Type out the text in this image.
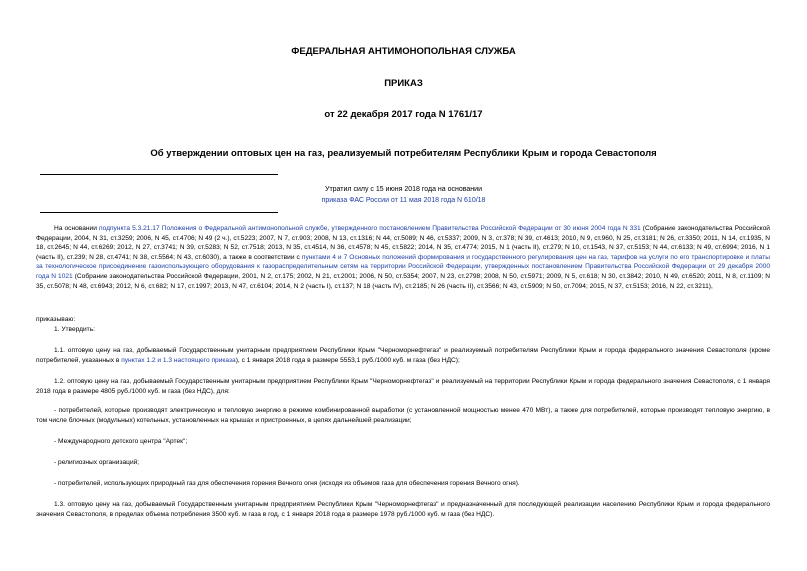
ФЕДЕРАЛЬНАЯ АНТИМОНОПОЛЬНАЯ СЛУЖБА
ПРИКАЗ
от 22 декабря 2017 года N 1761/17
Об утверждении оптовых цен на газ, реализуемый потребителям Республики Крым и города Севастополя
Утратил силу с 15 июня 2018 года на основании
приказа ФАС России от 11 мая 2018 года N 610/18

На основании подпункта 5.3.21.17 Положения о Федеральной антимонопольной службе, утвержденного постановлением Правительства Российской Федерации от 30 июня 2004 года N 331 (Собрание законодательства Российской Федерации, 2004, N 31, ст.3259; 2006, N 45, ст.4706; N 49 (2 ч.), ст.5223; 2007, N 7, ст.903; 2008, N 13, ст.1316; N 44, ст.5089; N 46, ст.5337; 2009, N 3, ст.378; N 39, ст.4613; 2010, N 9, ст.960, N 25, ст.3181; N 26, ст.3350; 2011, N 14, ст.1935, N 18, ст.2645; N 44, ст.6269; 2012, N 27, ст.3741; N 39, ст.5283; N 52, ст.7518; 2013, N 35, ст.4514, N 36, ст.4578; N 45, ст.5822; 2014, N 35, ст.4774; 2015, N 1 (часть II), ст.279; N 10, ст.1543, N 37, ст.5153; N 44, ст.6133; N 49, ст.6994; 2016, N 1 (часть II), ст.239; N 28, ст.4741; N 38, ст.5564; N 43, ст.6030), а также в соответствии с пунктами 4 и 7 Основных положений формирования и государственного регулирования цен на газ, тарифов на услуги по его транспортировке и платы за технологическое присоединение газоиспользующего оборудования к газораспределительным сетям на территории Российской Федерации, утвержденных постановлением Правительства Российской Федерации от 29 декабря 2000 года N 1021 (Собрание законодательства Российской Федерации, 2001, N 2, ст.175; 2002, N 21, ст.2001; 2006, N 50, ст.5354; 2007, N 23, ст.2798; 2008, N 50, ст.5971; 2009, N 5, ст.618; N 30, ст.3842; 2010, N 49, ст.6520; 2011, N 8, ст.1109; N 35, ст.5078; N 48, ст.6943; 2012, N 6, ст.682; N 17, ст.1997; 2013, N 47, ст.6104; 2014, N 2 (часть I), ст.137; N 18 (часть IV), ст.2185; N 26 (часть II), ст.3566; N 43, ст.5909; N 50, ст.7094; 2015, N 37, ст.5153; 2016, N 22, ст.3211),

приказываю:

1. Утвердить:

1.1. оптовую цену на газ, добываемый Государственным унитарным предприятием Республики Крым "Черноморнефтегаз" и реализуемый потребителям Республики Крым и города федерального значения Севастополя (кроме потребителей, указанных в пунктах 1.2 и 1.3 настоящего приказа), с 1 января 2018 года в размере 5553,1 руб./1000 куб. м газа (без НДС);

1.2. оптовую цену на газ, добываемый Государственным унитарным предприятием Республики Крым "Черноморнефтегаз" и реализуемый на территории Республики Крым и города федерального значения Севастополя, с 1 января 2018 года в размере 4805 руб./1000 куб. м газа (без НДС), для:

- потребителей, которые производят электрическую и тепловую энергию в режиме комбинированной выработки (с установленной мощностью менее 470 МВт), а также для потребителей, которые производят тепловую энергию, в том числе блочных (модульных) котельных, установленных на крышах и пристроенных, в целях дальнейшей реализации;

- Международного детского центра "Артек";

- религиозных организаций;

- потребителей, использующих природный газ для обеспечения горения Вечного огня (исходя из объемов газа для обеспечения горения Вечного огня).

1.3. оптовую цену на газ, добываемый Государственным унитарным предприятием Республики Крым "Черноморнефтегаз" и предназначенный для последующей реализации населению Республики Крым и города федерального значения Севастополя, в пределах объема потребления 3500 куб. м газа в год, с 1 января 2018 года в размере 1978 руб./1000 куб. м газа (без НДС).
